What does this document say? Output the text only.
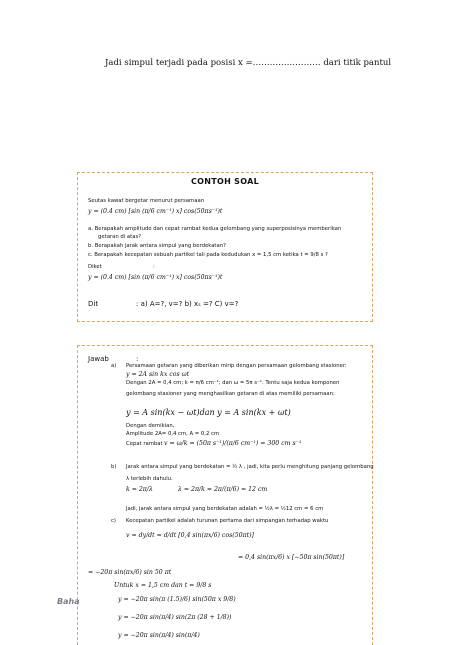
Jadi simpul terjadi pada posisi x =…………………… dari titik pantul
CONTOH SOAL
Seutas kawat bergetar menurut persamaan
y = (0.4 cm) [sin (π/6 cm⁻¹) x] cos(50πs⁻¹)t
a. Berapakah amplitudo dan cepat rambat kedua gelombang yang superposisinya memberikan
getaran di atas?
b. Berapakah jarak antara simpul yang berdekatan?
c. Berapakah kecepatan sebuah partikel tali pada kedudukan x = 1,5 cm ketika t = 9/8 s ?
Diket	:
y = (0.4 cm) [sin (π/6 cm⁻¹) x] cos(50πs⁻¹)t
Dit	: a) A=?, v=? b) xₛ =? C) v=?
Jawab	:
a) Persamaan getaran yang diberikan mirip dengan persamaan gelombang stasioner:
y = 2A sin kx cos ωt
Dengan 2A = 0,4 cm; k = π/6 cm⁻¹; dan ω = 5π s⁻¹. Tentu saja kedua komponen
gelombang stasioner yang menghasilkan getaran di atas memiliki persamaan:
y = A sin(kx − ωt)dan y = A sin(kx + ωt)
Dengan demikian,
Amplitude 2A= 0,4 cm, A = 0,2 cm
Cepat rambat v = ω/k = (50π s⁻¹)/(π/6 cm⁻¹) = 300 cm s⁻¹
b) Jarak antara simpul yang berdekatan = ½ λ , jadi, kita perlu menghitung panjang gelombang
λ terlebih dahulu.
k = 2π/λ	λ = 2π/k = 2π/(π/6) = 12 cm
Jadi, jarak antara simpul yang berdekatan adalah = ½λ = ½12 cm = 6 cm
c) Kecepatan partikel adalah turunan pertama dari simpangan terhadap waktu
v = dy/dt = d/dt [0,4 sin(πx/6) cos(50πt)]
= 0,4 sin(πx/6) x [−50π sin(50πt)]
= −20π sin(πx/6) sin 50 πt
Untuk x = 1,5 cm dan t = 9/8 s
y = −20π sin(π (1.5)/6) sin(50π x 9/8)
y = −20π sin(π/4) sin(2π (28 + 1/8))
y = −20π sin(π/4) sin(π/4)
Baha
